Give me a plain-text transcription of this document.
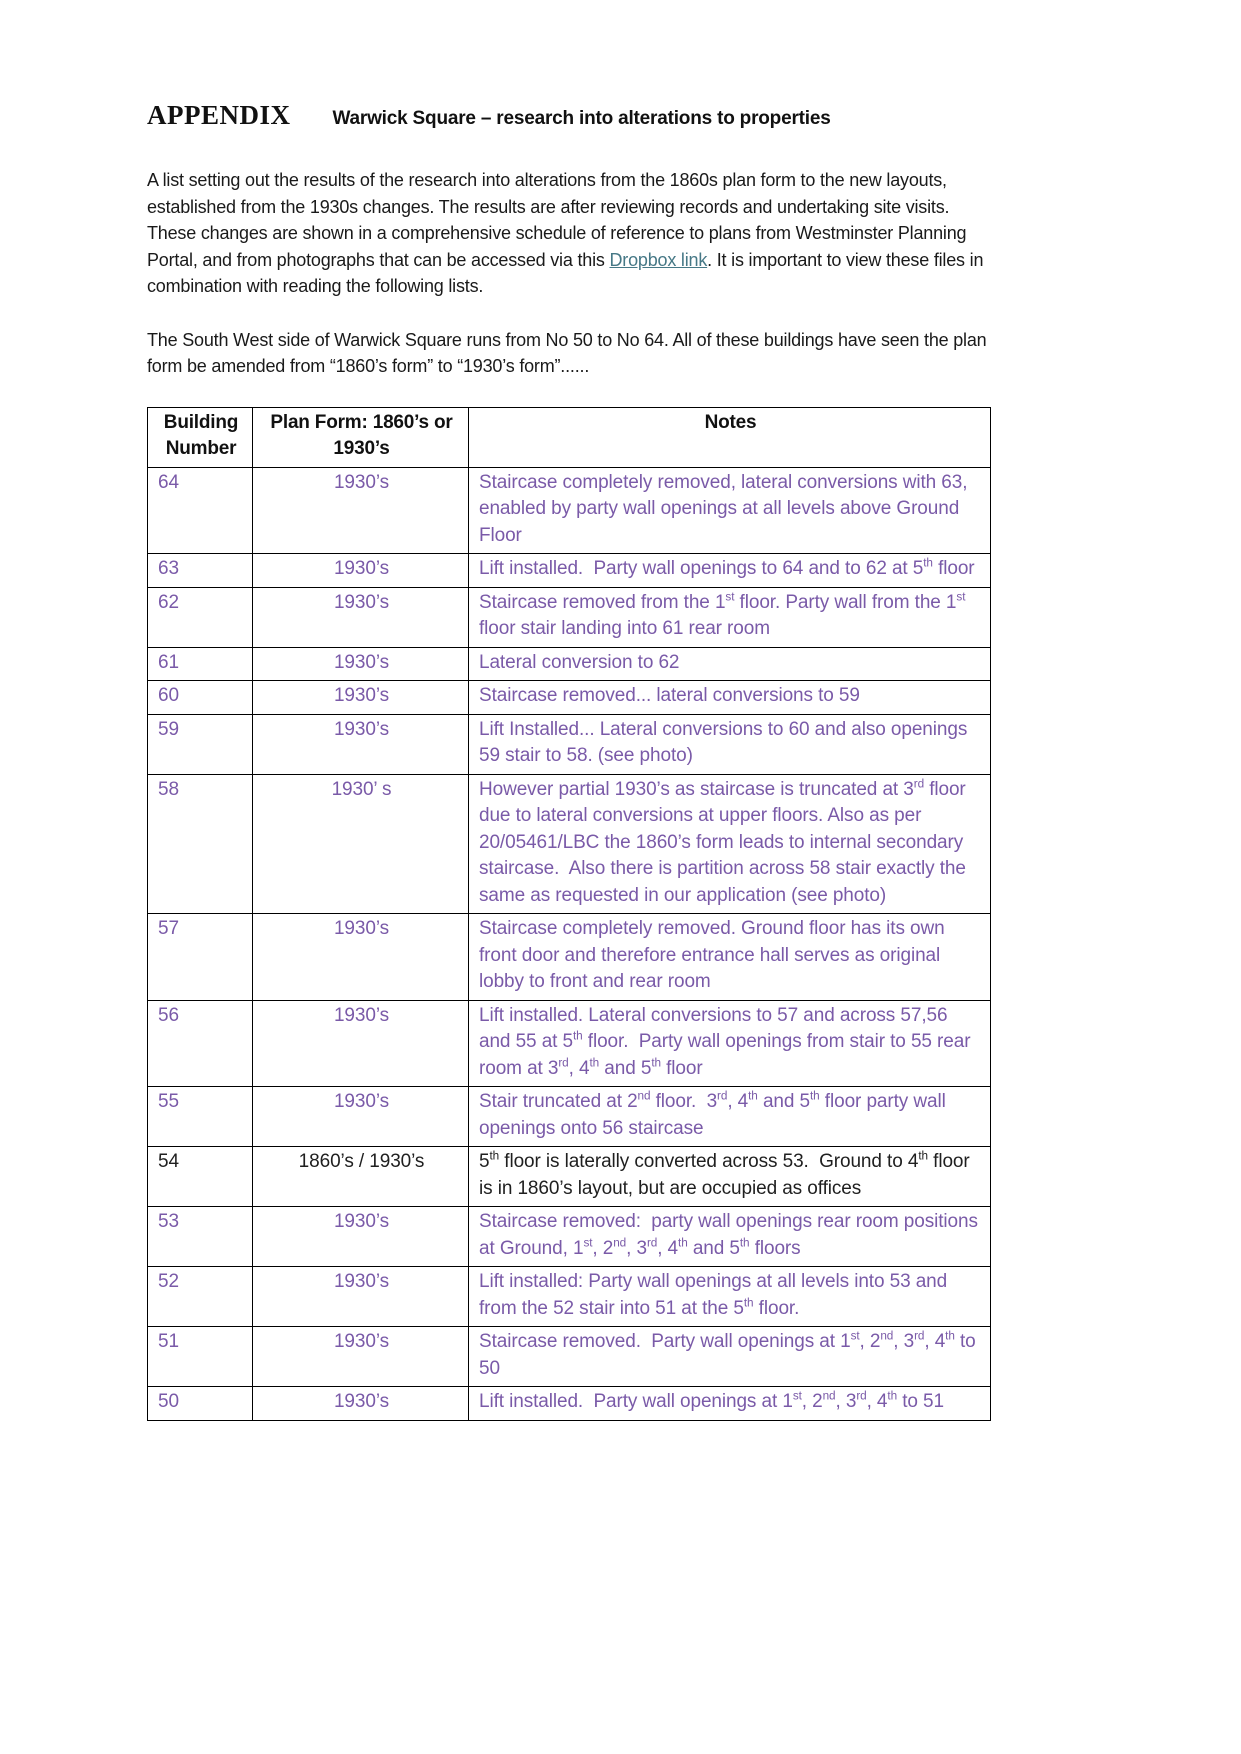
APPENDIX Warwick Square – research into alterations to properties

A list setting out the results of the research into alterations from the 1860s plan form to the new layouts, established from the 1930s changes. The results are after reviewing records and undertaking site visits. These changes are shown in a comprehensive schedule of reference to plans from Westminster Planning Portal, and from photographs that can be accessed via this Dropbox link. It is important to view these files in combination with reading the following lists.

The South West side of Warwick Square runs from No 50 to No 64. All of these buildings have seen the plan form be amended from “1860’s form” to “1930’s form”......

Building Number	Plan Form: 1860’s or 1930’s	Notes
64	1930’s	Staircase completely removed, lateral conversions with 63, enabled by party wall openings at all levels above Ground Floor
63	1930’s	Lift installed.  Party wall openings to 64 and to 62 at 5th floor
62	1930’s	Staircase removed from the 1st floor. Party wall from the 1st floor stair landing into 61 rear room
61	1930’s	Lateral conversion to 62
60	1930’s	Staircase removed... lateral conversions to 59
59	1930’s	Lift Installed... Lateral conversions to 60 and also openings 59 stair to 58. (see photo)
58	1930’ s	However partial 1930’s as staircase is truncated at 3rd floor due to lateral conversions at upper floors. Also as per 20/05461/LBC the 1860’s form leads to internal secondary staircase.  Also there is partition across 58 stair exactly the same as requested in our application (see photo)
57	1930’s	Staircase completely removed. Ground floor has its own front door and therefore entrance hall serves as original lobby to front and rear room
56	1930’s	Lift installed. Lateral conversions to 57 and across 57,56 and 55 at 5th floor.  Party wall openings from stair to 55 rear room at 3rd, 4th and 5th floor
55	1930’s	Stair truncated at 2nd floor.  3rd, 4th and 5th floor party wall openings onto 56 staircase
54	1860’s / 1930’s	5th floor is laterally converted across 53.  Ground to 4th floor is in 1860’s layout, but are occupied as offices
53	1930’s	Staircase removed:  party wall openings rear room positions at Ground, 1st, 2nd, 3rd, 4th and 5th floors
52	1930’s	Lift installed: Party wall openings at all levels into 53 and from the 52 stair into 51 at the 5th floor.
51	1930’s	Staircase removed.  Party wall openings at 1st, 2nd, 3rd, 4th to 50
50	1930’s	Lift installed.  Party wall openings at 1st, 2nd, 3rd, 4th to 51
